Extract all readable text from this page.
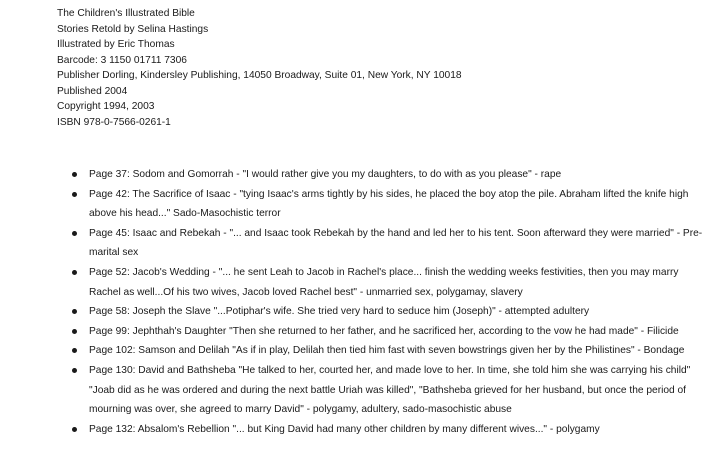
The Children's Illustrated Bible
Stories Retold by Selina Hastings
Illustrated by Eric Thomas
Barcode: 3 1150 01711 7306
Publisher Dorling, Kindersley Publishing, 14050 Broadway, Suite 01, New York, NY 10018
Published 2004
Copyright 1994, 2003
ISBN 978-0-7566-0261-1
Page 37: Sodom and Gomorrah - "I would rather give you my daughters, to do with as you please" - rape
Page 42: The Sacrifice of Isaac - "tying Isaac's arms tightly by his sides, he placed the boy atop the pile. Abraham lifted the knife high above his head..." Sado-Masochistic terror
Page 45: Isaac and Rebekah - "... and Isaac took Rebekah by the hand and led her to his tent. Soon afterward they were married" - Pre-marital sex
Page 52: Jacob's Wedding - "... he sent Leah to Jacob in Rachel's place... finish the wedding weeks festivities, then you may marry Rachel as well...Of his two wives, Jacob loved Rachel best" - unmarried sex, polygamay, slavery
Page 58: Joseph the Slave "...Potiphar's wife. She tried very hard to seduce him (Joseph)" - attempted adultery
Page 99: Jephthah's Daughter "Then she returned to her father, and he sacrificed her, according to the vow he had made" - Filicide
Page 102: Samson and Delilah "As if in play, Delilah then tied him fast with seven bowstrings given her by the Philistines" - Bondage
Page 130: David and Bathsheba "He talked to her, courted her, and made love to her. In time, she told him she was carrying his child" "Joab did as he was ordered and during the next battle Uriah was killed", "Bathsheba grieved for her husband, but once the period of mourning was over, she agreed to marry David" - polygamy, adultery, sado-masochistic abuse
Page 132: Absalom's Rebellion "... but King David had many other children by many different wives..." - polygamy
